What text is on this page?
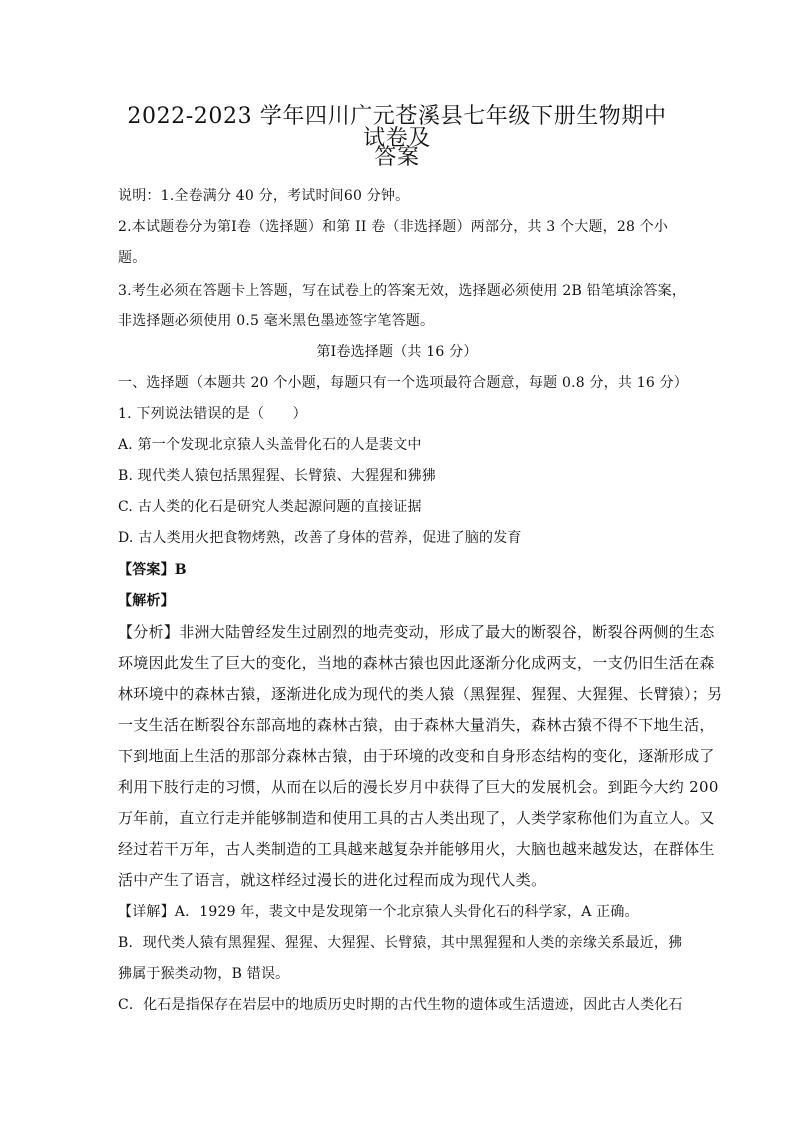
2022-2023 学年四川广元苍溪县七年级下册生物期中试卷及
答案
说明：1.全卷满分 40 分，考试时间60 分钟。
2.本试题卷分为第Ⅰ卷（选择题）和第 II 卷（非选择题）两部分，共 3 个大题，28 个小
题。
3.考生必须在答题卡上答题，写在试卷上的答案无效，选择题必须使用 2B 铅笔填涂答案，
非选择题必须使用 0.5 毫米黑色墨迹签字笔答题。
第Ⅰ卷选择题（共 16 分）
一、选择题（本题共 20 个小题，每题只有一个选项最符合题意，每题 0.8 分，共 16 分）
1. 下列说法错误的是（　　）
A. 第一个发现北京猿人头盖骨化石的人是裴文中
B. 现代类人猿包括黑猩猩、长臂猿、大猩猩和狒狒
C. 古人类的化石是研究人类起源问题的直接证据
D. 古人类用火把食物烤熟，改善了身体的营养，促进了脑的发育
【答案】B
【解析】
【分析】非洲大陆曾经发生过剧烈的地壳变动，形成了最大的断裂谷，断裂谷两侧的生态
环境因此发生了巨大的变化，当地的森林古猿也因此逐渐分化成两支，一支仍旧生活在森
林环境中的森林古猿，逐渐进化成为现代的类人猿（黑猩猩、猩猩、大猩猩、长臂猿）；另
一支生活在断裂谷东部高地的森林古猿，由于森林大量消失，森林古猿不得不下地生活，
下到地面上生活的那部分森林古猿，由于环境的改变和自身形态结构的变化，逐渐形成了
利用下肢行走的习惯，从而在以后的漫长岁月中获得了巨大的发展机会。到距今大约 200
万年前，直立行走并能够制造和使用工具的古人类出现了，人类学家称他们为直立人。又
经过若干万年，古人类制造的工具越来越复杂并能够用火，大脑也越来越发达，在群体生
活中产生了语言，就这样经过漫长的进化过程而成为现代人类。
【详解】A．1929 年，裴文中是发现第一个北京猿人头骨化石的科学家，A 正确。
B．现代类人猿有黑猩猩、猩猩、大猩猩、长臂猿，其中黑猩猩和人类的亲缘关系最近，狒
狒属于猴类动物，B 错误。
C．化石是指保存在岩层中的地质历史时期的古代生物的遗体或生活遗迹，因此古人类化石
